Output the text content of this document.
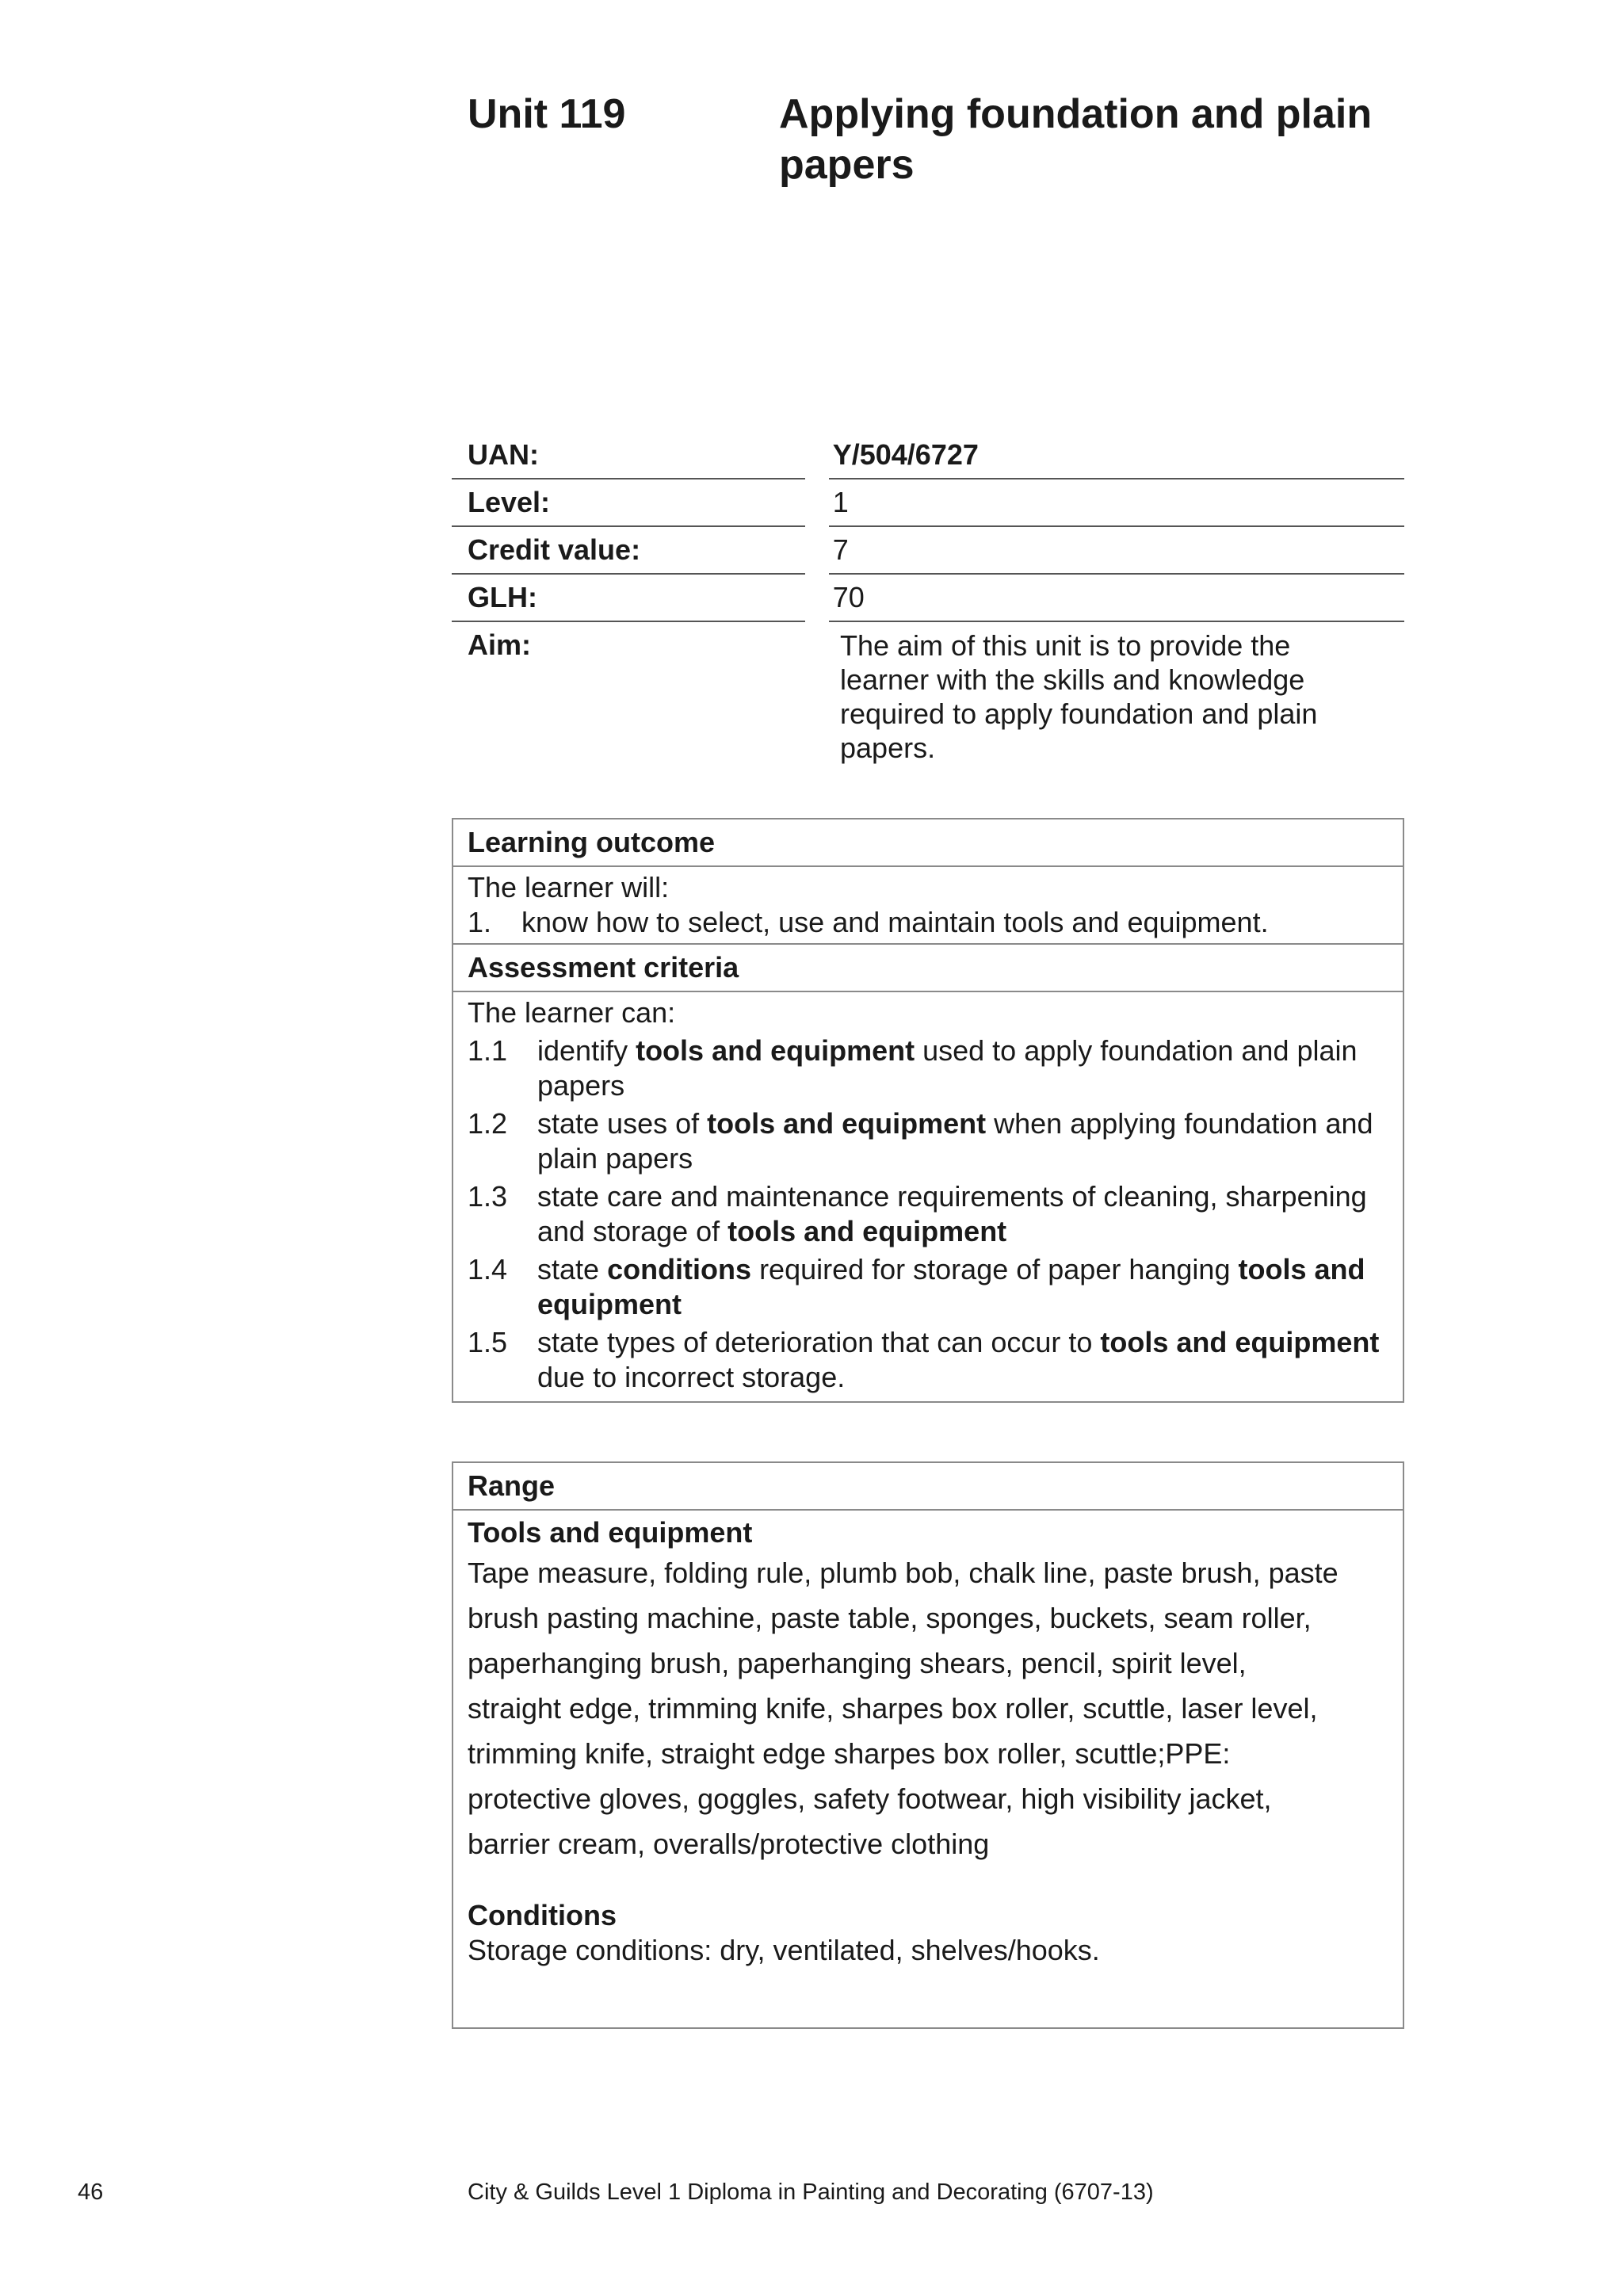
Unit 119	Applying foundation and plain papers
UAN:	Y/504/6727
Level:	1
Credit value:	7
GLH:	70
Aim:	The aim of this unit is to provide the learner with the skills and knowledge required to apply foundation and plain papers.
Learning outcome
The learner will:
1.	know how to select, use and maintain tools and equipment.
Assessment criteria
The learner can:
1.1	identify tools and equipment used to apply foundation and plain papers
1.2	state uses of tools and equipment when applying foundation and plain papers
1.3	state care and maintenance requirements of cleaning, sharpening and storage of tools and equipment
1.4	state conditions required for storage of paper hanging tools and equipment
1.5	state types of deterioration that can occur to tools and equipment due to incorrect storage.
Range
Tools and equipment
Tape measure, folding rule, plumb bob, chalk line, paste brush, paste brush pasting machine, paste table, sponges, buckets, seam roller, paperhanging brush, paperhanging shears, pencil, spirit level, straight edge, trimming knife, sharpes box roller, scuttle, laser level, trimming knife, straight edge sharpes box roller, scuttle;PPE: protective gloves, goggles, safety footwear, high visibility jacket, barrier cream, overalls/protective clothing
Conditions
Storage conditions: dry, ventilated, shelves/hooks.
46	City & Guilds Level 1 Diploma in Painting and Decorating (6707-13)
